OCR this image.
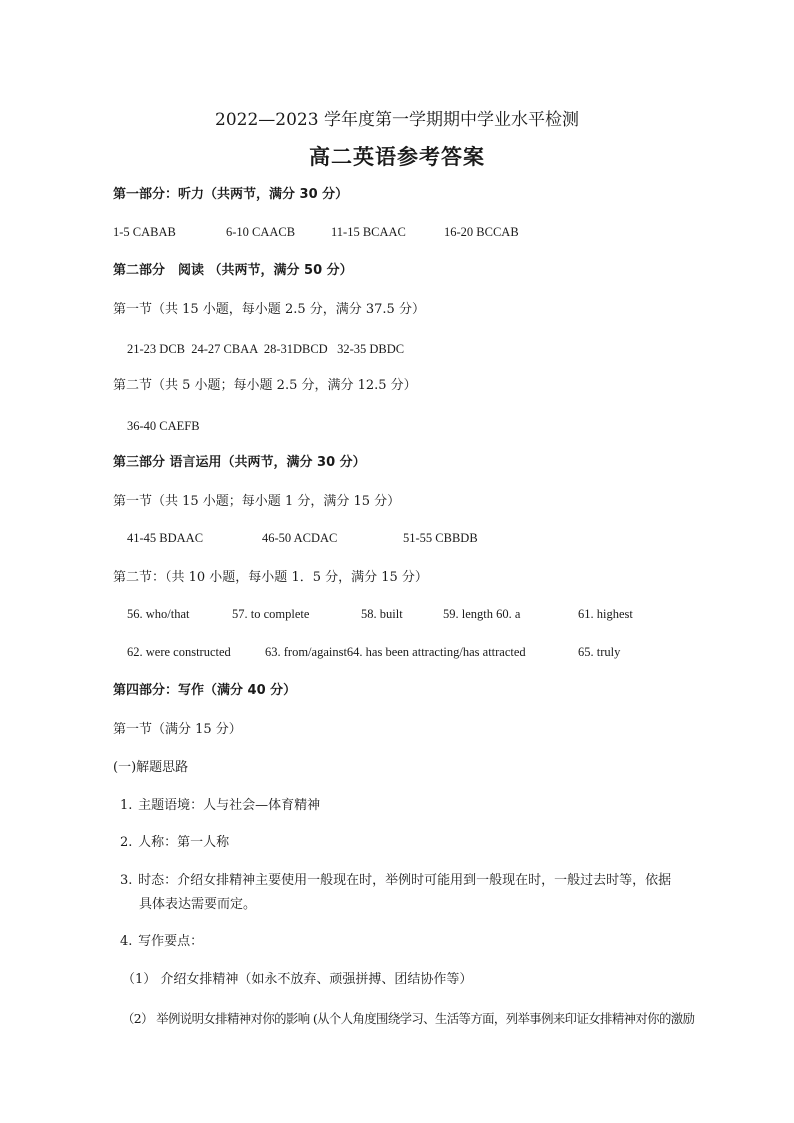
2022—2023 学年度第一学期期中学业水平检测
高二英语参考答案
第一部分：听力（共两节，满分 30 分）
1-5 CABAB	6-10 CAACB	11-15 BCAAC	16-20 BCCAB
第二部分　阅读 （共两节，满分 50 分）
第一节（共 15 小题，每小题 2.5 分，满分 37.5 分）
21-23 DCB  24-27 CBAA  28-31DBCD   32-35 DBDC
第二节（共 5 小题；每小题 2.5 分，满分 12.5 分）
36-40 CAEFB
第三部分 语言运用（共两节，满分 30 分）
第一节（共 15 小题；每小题 1 分，满分 15 分）
41-45 BDAAC	46-50 ACDAC	51-55 CBBDB
第二节：（共 10 小题，每小题 1．5 分，满分 15 分）
56. who/that	57. to complete	58. built	59. length 60. a	61. highest
62. were constructed	63. from/against64. has been attracting/has attracted	65. truly
第四部分：写作（满分 40 分）
第一节（满分 15 分）
(一)解题思路
1. 主题语境：人与社会—体育精神
2. 人称：第一人称
3. 时态：介绍女排精神主要使用一般现在时，举例时可能用到一般现在时，一般过去时等，依据
具体表达需要而定。
4. 写作要点：
（1） 介绍女排精神（如永不放弃、顽强拼搏、团结协作等）
（2） 举例说明女排精神对你的影响 (从个人角度围绕学习、生活等方面，列举事例来印证女排精神对你的激励
